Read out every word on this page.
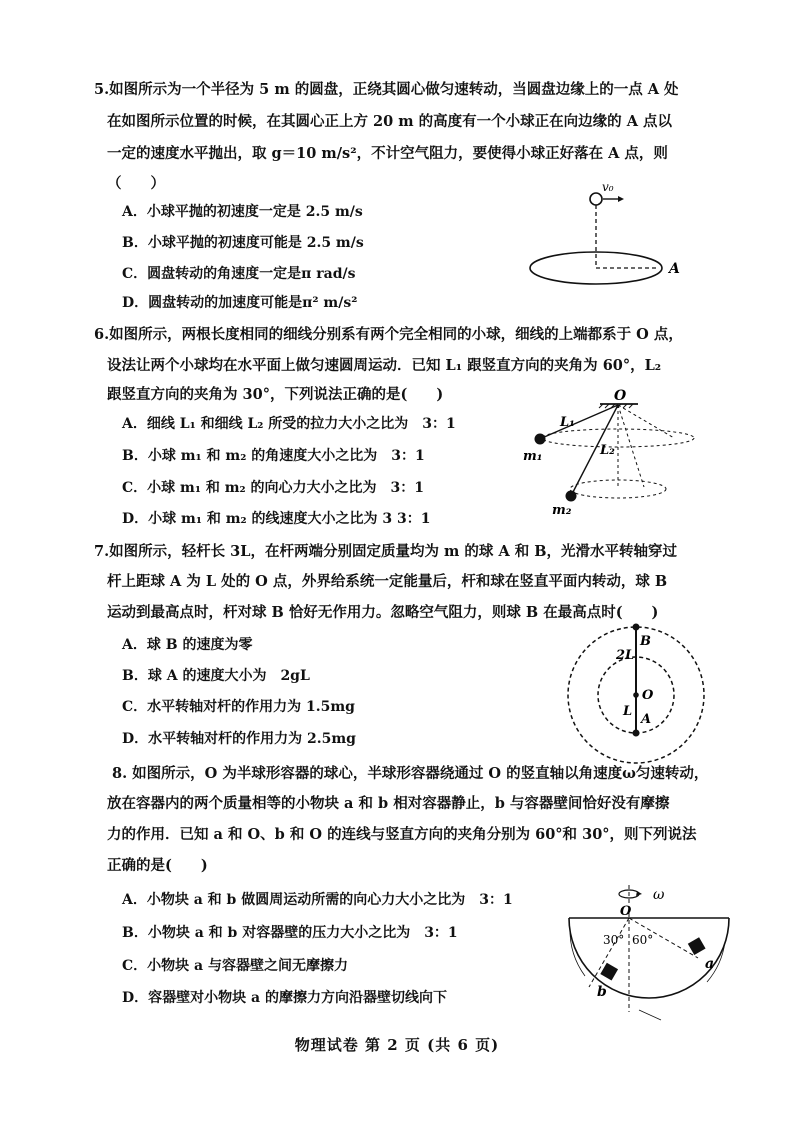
5.如图所示为一个半径为 5 m 的圆盘，正绕其圆心做匀速转动，当圆盘边缘上的一点 A 处
在如图所示位置的时候，在其圆心正上方 20 m 的高度有一个小球正在向边缘的 A 点以
一定的速度水平抛出，取 g＝10 m/s²，不计空气阻力，要使得小球正好落在 A 点，则
（　　）
A．小球平抛的初速度一定是 2.5 m/s
B．小球平抛的初速度可能是 2.5 m/s
C．圆盘转动的角速度一定是π rad/s
D．圆盘转动的加速度可能是π² m/s²
v₀
A
6.如图所示，两根长度相同的细线分别系有两个完全相同的小球，细线的上端都系于 O 点，
设法让两个小球均在水平面上做匀速圆周运动．已知 L₁ 跟竖直方向的夹角为 60°，L₂
跟竖直方向的夹角为 30°，下列说法正确的是(　　)
A．细线 L₁ 和细线 L₂ 所受的拉力大小之比为　3：1
B．小球 m₁ 和 m₂ 的角速度大小之比为　3：1
C．小球 m₁ 和 m₂ 的向心力大小之比为　3：1
D．小球 m₁ 和 m₂ 的线速度大小之比为 3 3：1
O
L₁
L₂
m₁
m₂
7.如图所示，轻杆长 3L，在杆两端分别固定质量均为 m 的球 A 和 B，光滑水平转轴穿过
杆上距球 A 为 L 处的 O 点，外界给系统一定能量后，杆和球在竖直平面内转动，球 B
运动到最高点时，杆对球 B 恰好无作用力。忽略空气阻力，则球 B 在最高点时(　　)
A．球 B 的速度为零
B．球 A 的速度大小为　2gL
C．水平转轴对杆的作用力为 1.5mg
D．水平转轴对杆的作用力为 2.5mg
B
2L
O
L
A
8. 如图所示，O 为半球形容器的球心，半球形容器绕通过 O 的竖直轴以角速度ω匀速转动，
放在容器内的两个质量相等的小物块 a 和 b 相对容器静止，b 与容器壁间恰好没有摩擦
力的作用．已知 a 和 O、b 和 O 的连线与竖直方向的夹角分别为 60°和 30°，则下列说法
正确的是(　　)
A．小物块 a 和 b 做圆周运动所需的向心力大小之比为　3：1
B．小物块 a 和 b 对容器壁的压力大小之比为　3：1
C．小物块 a 与容器壁之间无摩擦力
D．容器壁对小物块 a 的摩擦力方向沿器壁切线向下
ω
O
30° 60°
a
b
物理试卷 第 2 页 (共 6 页)
